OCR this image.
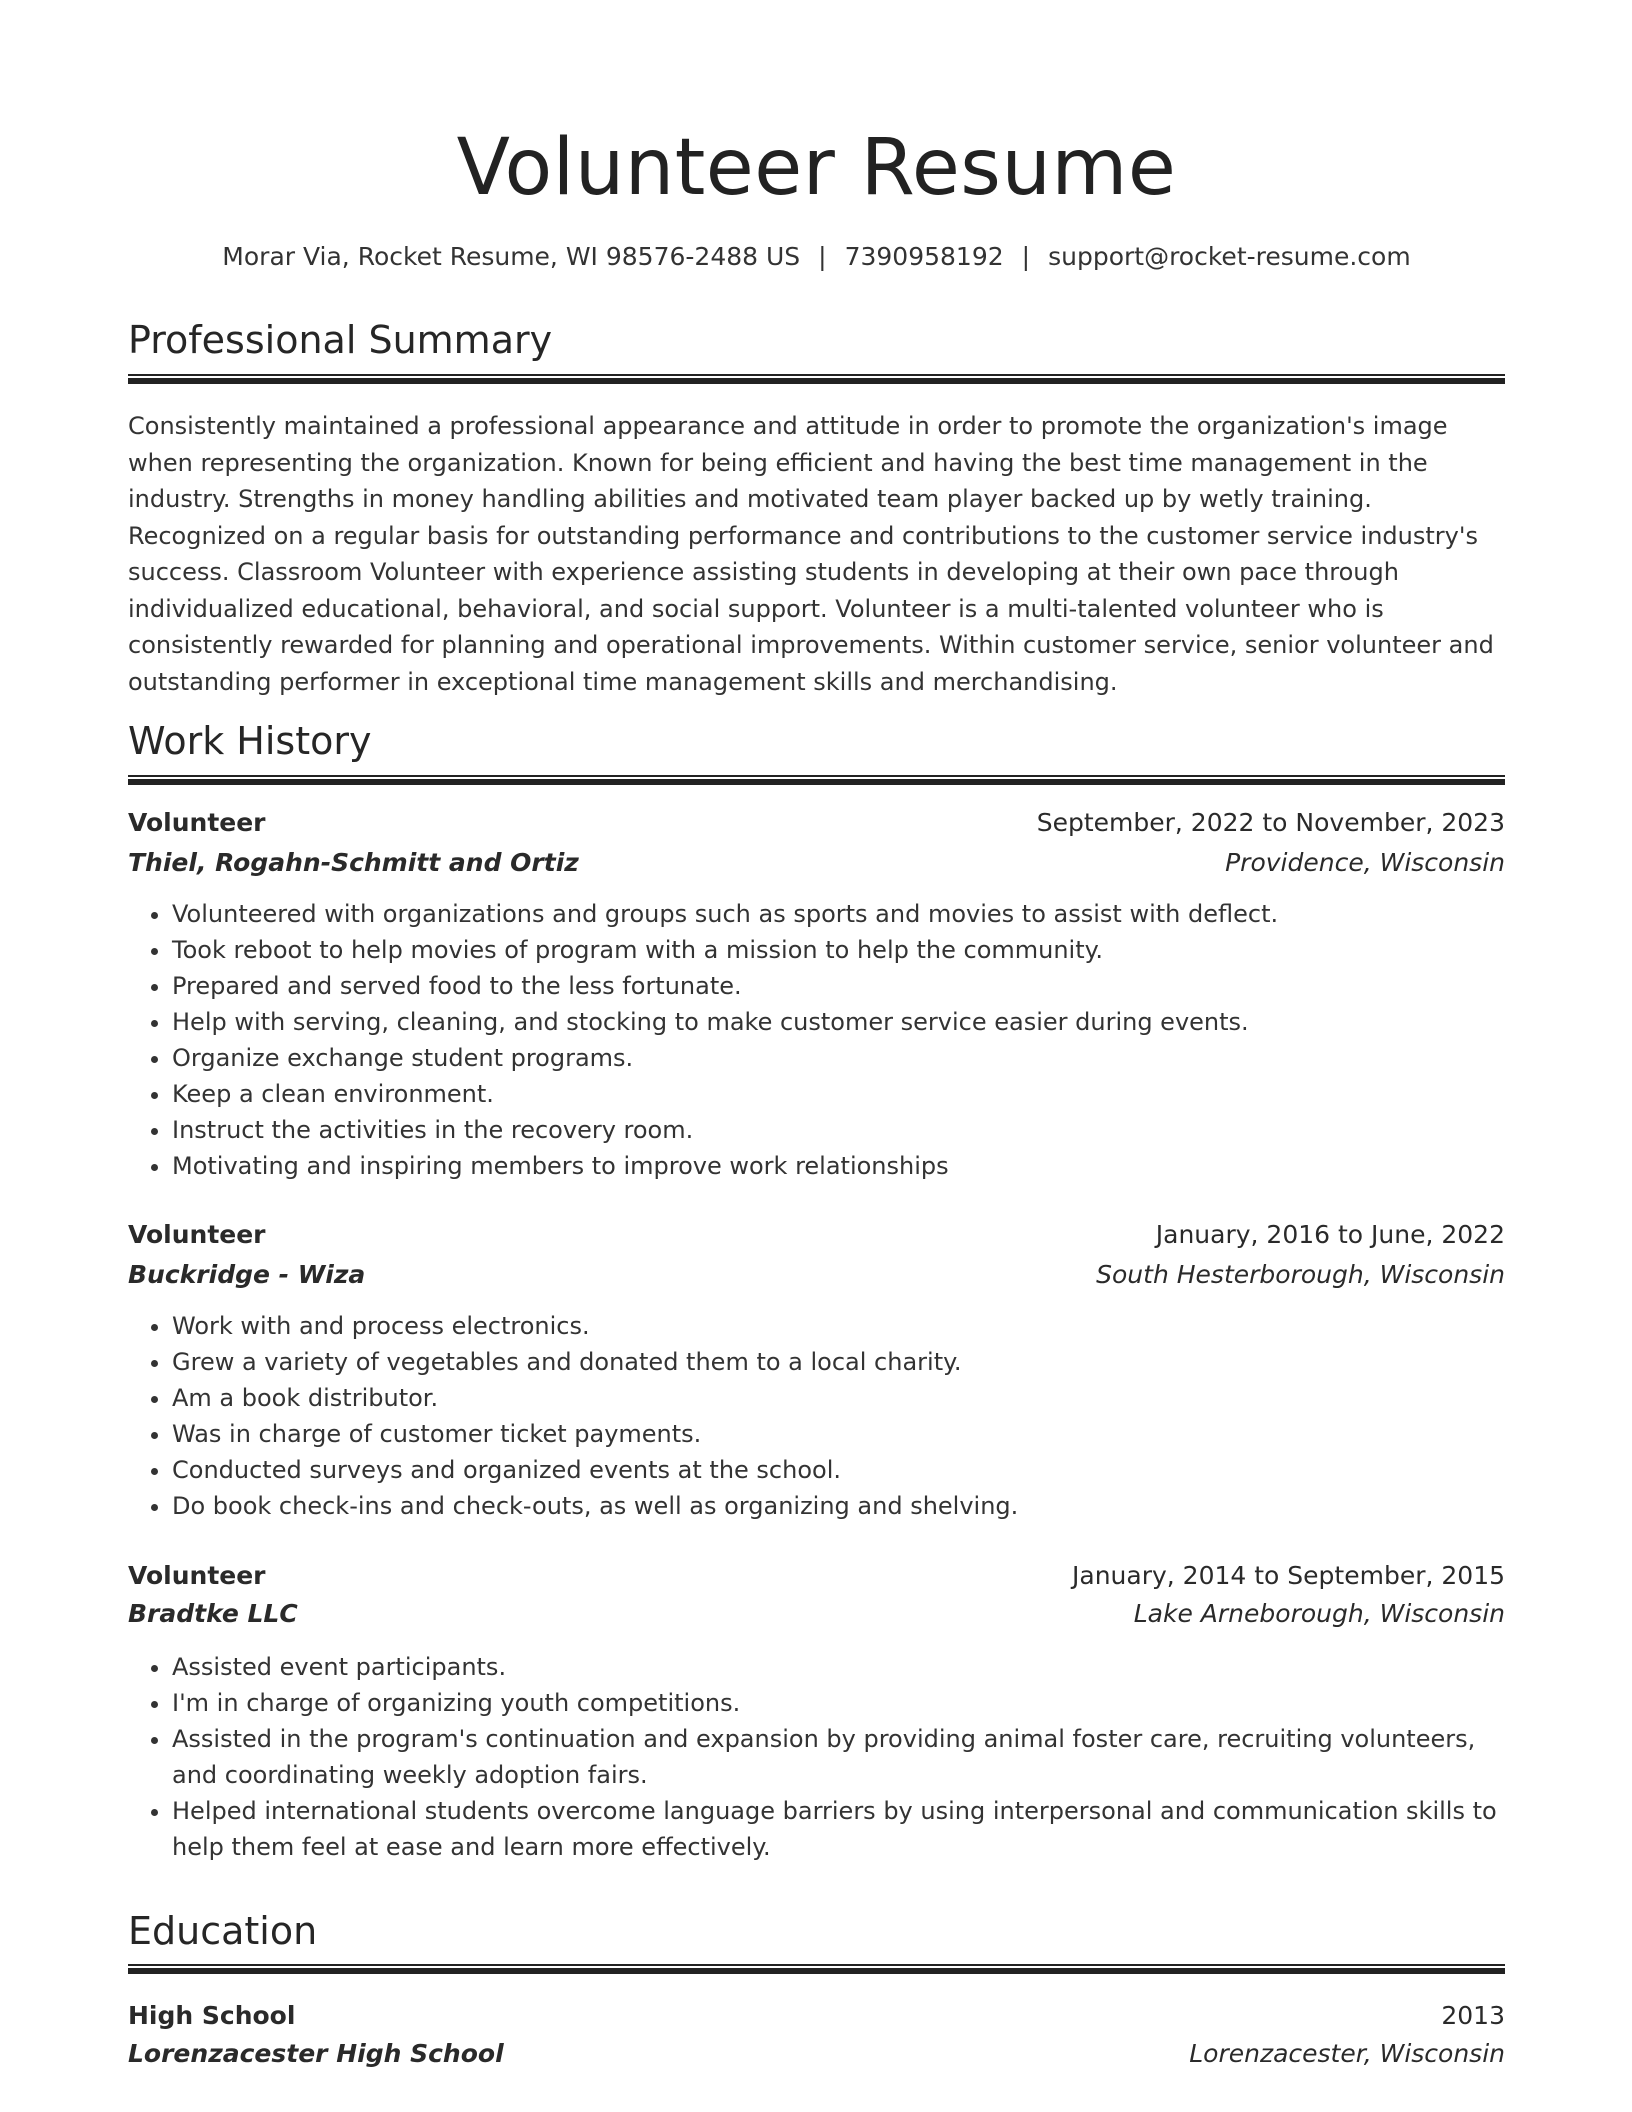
Volunteer Resume
Morar Via, Rocket Resume, WI 98576-2488 US | 7390958192 | support@rocket-resume.com
Professional Summary

Consistently maintained a professional appearance and attitude in order to promote the organization's image when representing the organization. Known for being efficient and having the best time management in the industry. Strengths in money handling abilities and motivated team player backed up by wetly training. Recognized on a regular basis for outstanding performance and contributions to the customer service industry's success. Classroom Volunteer with experience assisting students in developing at their own pace through individualized educational, behavioral, and social support. Volunteer is a multi-talented volunteer who is consistently rewarded for planning and operational improvements. Within customer service, senior volunteer and outstanding performer in exceptional time management skills and merchandising.

Work History
Volunteer	September, 2022 to November, 2023
Thiel, Rogahn-Schmitt and Ortiz	Providence, Wisconsin
• Volunteered with organizations and groups such as sports and movies to assist with deflect.
• Took reboot to help movies of program with a mission to help the community.
• Prepared and served food to the less fortunate.
• Help with serving, cleaning, and stocking to make customer service easier during events.
• Organize exchange student programs.
• Keep a clean environment.
• Instruct the activities in the recovery room.
• Motivating and inspiring members to improve work relationships
Volunteer	January, 2016 to June, 2022
Buckridge - Wiza	South Hesterborough, Wisconsin
• Work with and process electronics.
• Grew a variety of vegetables and donated them to a local charity.
• Am a book distributor.
• Was in charge of customer ticket payments.
• Conducted surveys and organized events at the school.
• Do book check-ins and check-outs, as well as organizing and shelving.
Volunteer	January, 2014 to September, 2015
Bradtke LLC	Lake Arneborough, Wisconsin
• Assisted event participants.
• I'm in charge of organizing youth competitions.
• Assisted in the program's continuation and expansion by providing animal foster care, recruiting volunteers, and coordinating weekly adoption fairs.
• Helped international students overcome language barriers by using interpersonal and communication skills to help them feel at ease and learn more effectively.
Education
High School	2013
Lorenzacester High School	Lorenzacester, Wisconsin
